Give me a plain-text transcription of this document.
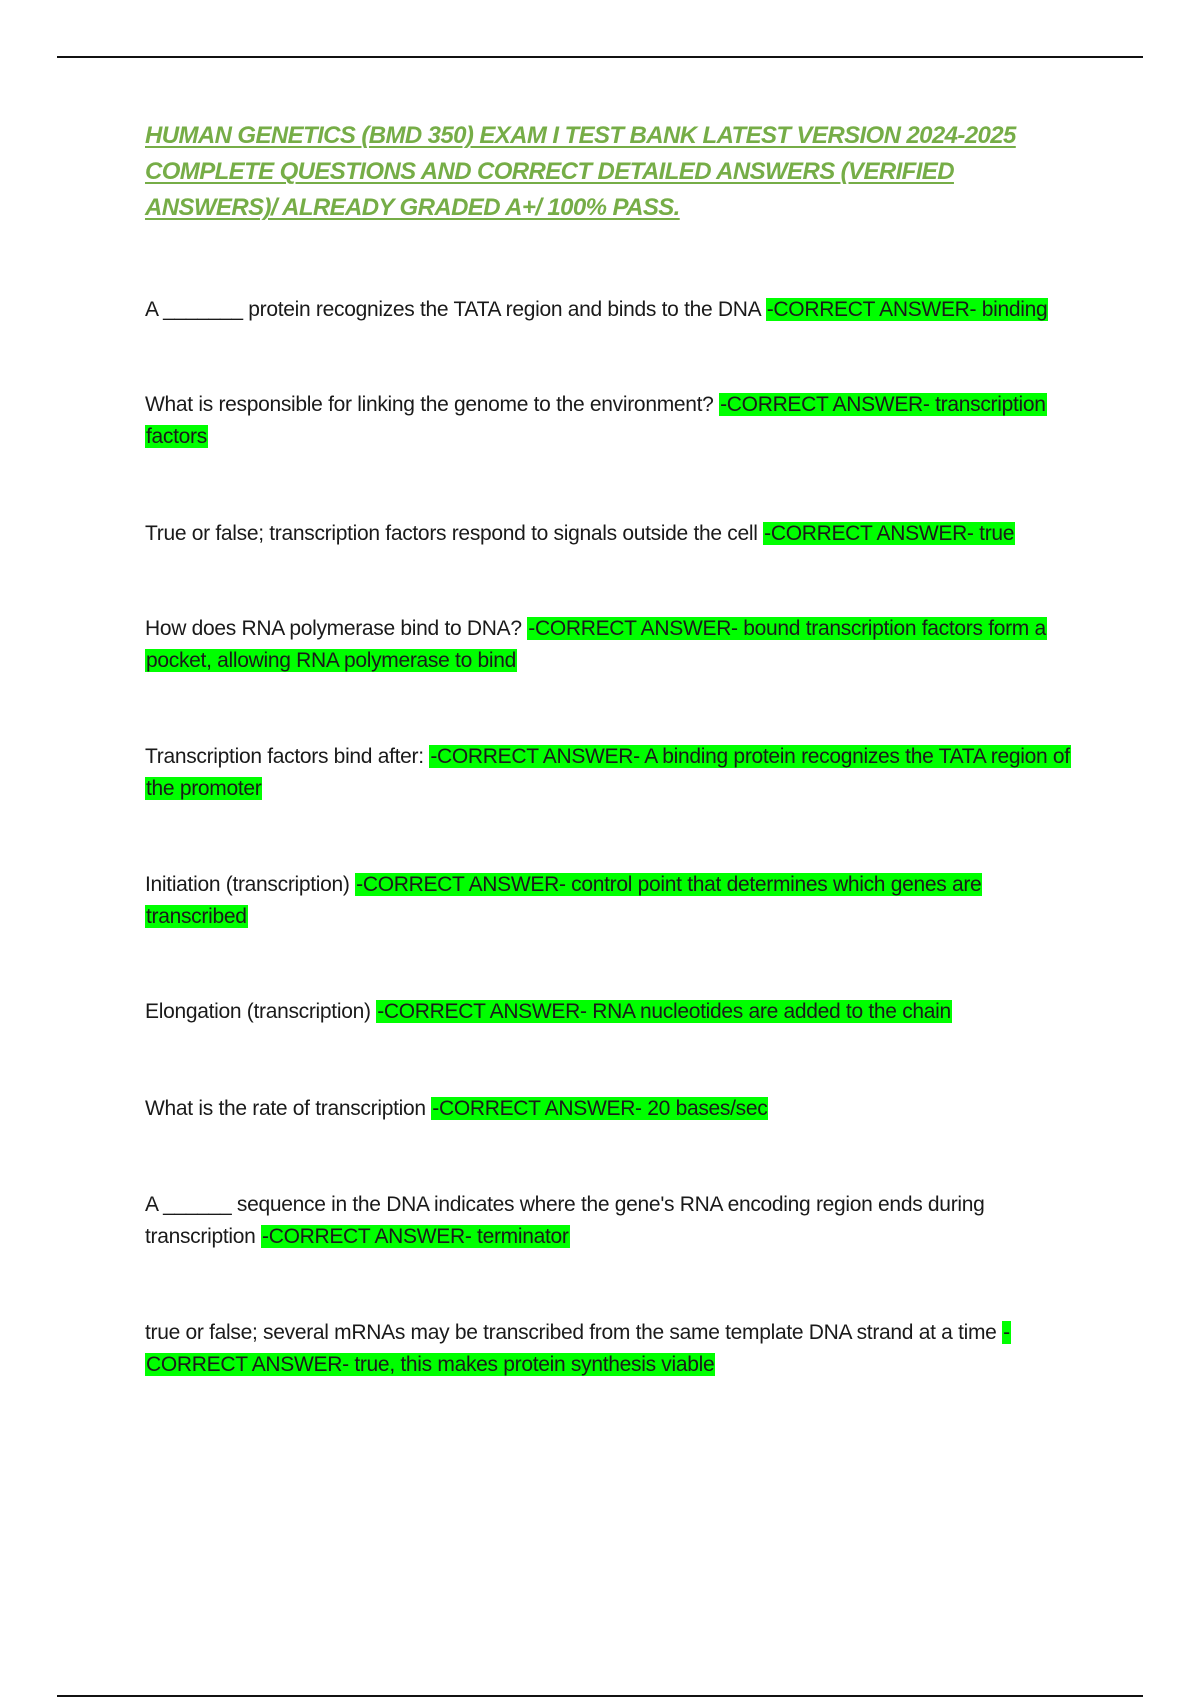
HUMAN GENETICS (BMD 350) EXAM I TEST BANK LATEST VERSION 2024-2025 COMPLETE QUESTIONS AND CORRECT DETAILED ANSWERS (VERIFIED ANSWERS)/ ALREADY GRADED A+/ 100% PASS.

A _______ protein recognizes the TATA region and binds to the DNA -CORRECT ANSWER- binding

What is responsible for linking the genome to the environment? -CORRECT ANSWER- transcription factors

True or false; transcription factors respond to signals outside the cell -CORRECT ANSWER- true

How does RNA polymerase bind to DNA? -CORRECT ANSWER- bound transcription factors form a pocket, allowing RNA polymerase to bind

Transcription factors bind after: -CORRECT ANSWER- A binding protein recognizes the TATA region of the promoter

Initiation (transcription) -CORRECT ANSWER- control point that determines which genes are transcribed

Elongation (transcription) -CORRECT ANSWER- RNA nucleotides are added to the chain

What is the rate of transcription -CORRECT ANSWER- 20 bases/sec

A ______ sequence in the DNA indicates where the gene's RNA encoding region ends during transcription -CORRECT ANSWER- terminator

true or false; several mRNAs may be transcribed from the same template DNA strand at a time -CORRECT ANSWER- true, this makes protein synthesis viable
